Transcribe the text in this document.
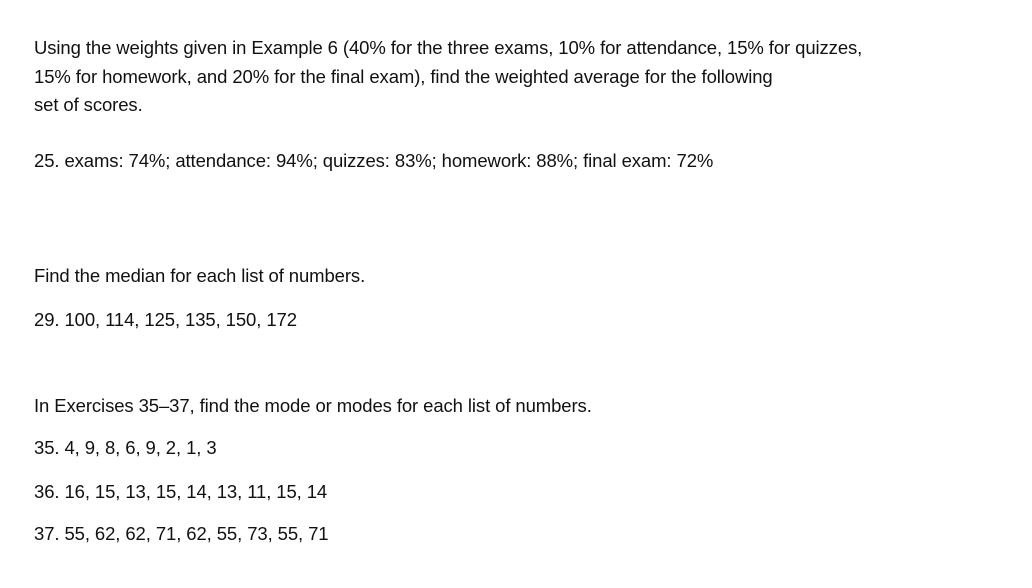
Using the weights given in Example 6 (40% for the three exams, 10% for attendance, 15% for quizzes,
15% for homework, and 20% for the final exam), find the weighted average for the following
set of scores.
25. exams: 74%; attendance: 94%; quizzes: 83%; homework: 88%; final exam: 72%
Find the median for each list of numbers.
29. 100, 114, 125, 135, 150, 172
In Exercises 35–37, find the mode or modes for each list of numbers.
35. 4, 9, 8, 6, 9, 2, 1, 3
36. 16, 15, 13, 15, 14, 13, 11, 15, 14
37. 55, 62, 62, 71, 62, 55, 73, 55, 71
